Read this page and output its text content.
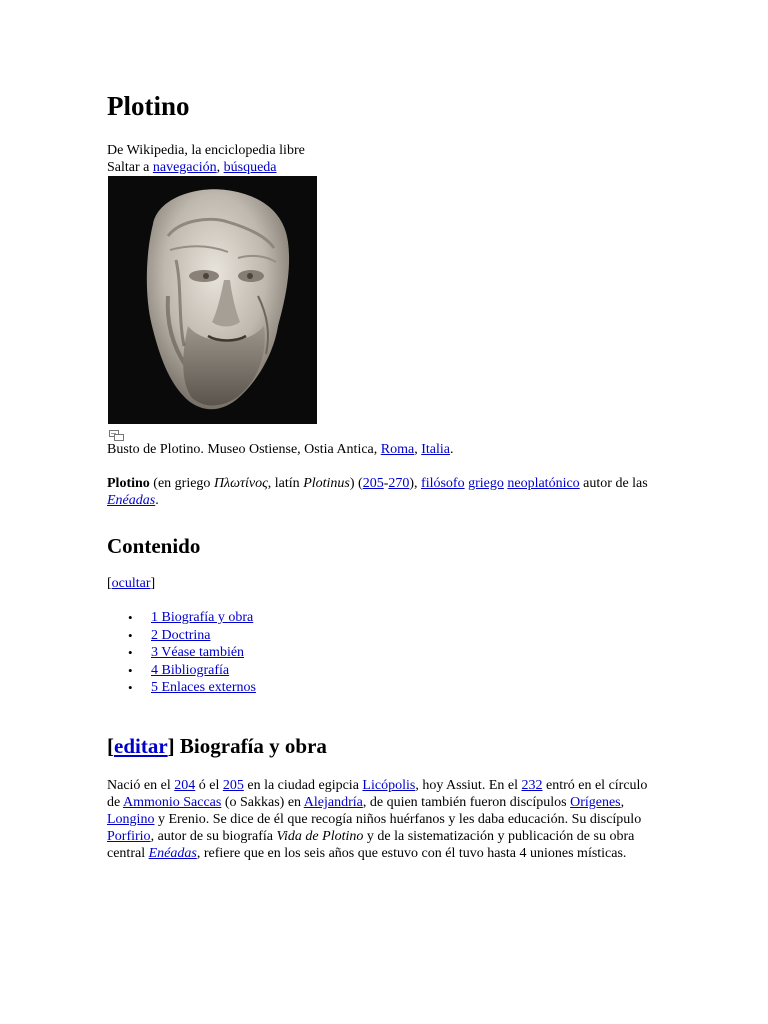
Plotino
De Wikipedia, la enciclopedia libre
Saltar a navegación, búsqueda
Busto de Plotino. Museo Ostiense, Ostia Antica, Roma, Italia.

Plotino (en griego Πλωτίνος, latín Plotinus) (205-270), filósofo griego neoplatónico autor de las Enéadas.

Contenido
[ocultar]
• 1 Biografía y obra
• 2 Doctrina
• 3 Véase también
• 4 Bibliografía
• 5 Enlaces externos
[editar] Biografía y obra

Nació en el 204 ó el 205 en la ciudad egipcia Licópolis, hoy Assiut. En el 232 entró en el círculo de Ammonio Saccas (o Sakkas) en Alejandría, de quien también fueron discípulos Orígenes, Longino y Erenio. Se dice de él que recogía niños huérfanos y les daba educación. Su discípulo Porfirio, autor de su biografía Vida de Plotino y de la sistematización y publicación de su obra central Enéadas, refiere que en los seis años que estuvo con él tuvo hasta 4 uniones místicas.
